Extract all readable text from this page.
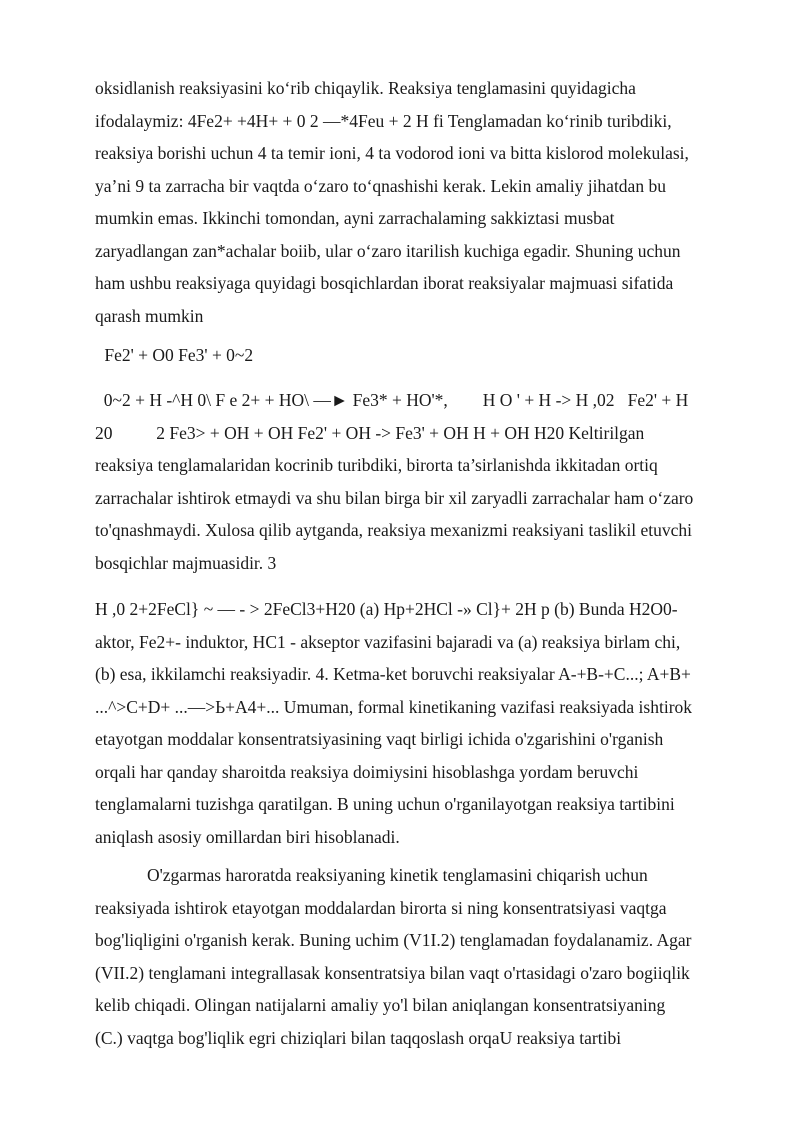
oksidlanish reaksiyasini ko‘rib chiqaylik. Reaksiya tenglamasini quyidagicha
ifodalaymiz: 4Fe2+ +4H+ + 0 2 —*4Feu + 2 H fi Tenglamadan ko‘rinib turibdiki,
reaksiya borishi uchun 4 ta temir ioni, 4 ta vodorod ioni va bitta kislorod molekulasi,
ya’ni 9 ta zarracha bir vaqtda o‘zaro to‘qnashishi kerak. Lekin amaliy jihatdan bu
mumkin emas. Ikkinchi tomondan, ayni zarrachalaming sakkiztasi musbat
zaryadlangan zan*achalar boiib, ular o‘zaro itarilish kuchiga egadir. Shuning uchun
ham ushbu reaksiyaga quyidagi bosqichlardan iborat reaksiyalar majmuasi sifatida
qarash mumkin
Fe2' + O0 Fe3' + 0~2
0~2 + H -^H 0\ F e 2+ + HO\ —► Fe3* + HO'*,        H O ' + H -> H ,02   Fe2' + H
20          2 Fe3> + OH + OH Fe2' + OH -> Fe3' + OH H + OH H20 Keltirilgan
reaksiya tenglamalaridan kocrinib turibdiki, birorta ta’sirlanishda ikkitadan ortiq
zarrachalar ishtirok etmaydi va shu bilan birga bir xil zaryadli zarrachalar ham o‘zaro
to'qnashmaydi. Xulosa qilib aytganda, reaksiya mexanizmi reaksiyani taslikil etuvchi
bosqichlar majmuasidir. 3
H ,0 2+2FeCl} ~ — - > 2FeCl3+H20 (a) Hp+2HCl -» Cl}+ 2H p (b) Bunda H2O0-
aktor, Fe2+- induktor, HC1 - akseptor vazifasini bajaradi va (a) reaksiya birlam chi,
(b) esa, ikkilamchi reaksiyadir. 4. Ketma-ket boruvchi reaksiyalar A-+B-+C...; A+B+
...^>C+D+ ...—>Ь+A4+... Umuman, formal kinetikaning vazifasi reaksiyada ishtirok
etayotgan moddalar konsentratsiyasining vaqt birligi ichida o'zgarishini o'rganish
orqali har qanday sharoitda reaksiya doimiysini hisoblashga yordam beruvchi
tenglamalarni tuzishga qaratilgan. B uning uchun o'rganilayotgan reaksiya tartibini
aniqlash asosiy omillardan biri hisoblanadi.
O'zgarmas haroratda reaksiyaning kinetik tenglamasini chiqarish uchun
reaksiyada ishtirok etayotgan moddalardan birorta si ning konsentratsiyasi vaqtga
bog'liqligini o'rganish kerak. Buning uchim (V1I.2) tenglamadan foydalanamiz. Agar
(VII.2) tenglamani integrallasak konsentratsiya bilan vaqt o'rtasidagi o'zaro bogiiqlik
kelib chiqadi. Olingan natijalarni amaliy yo'l bilan aniqlangan konsentratsiyaning
(C.) vaqtga bog'liqlik egri chiziqlari bilan taqqoslash orqaU reaksiya tartibi
